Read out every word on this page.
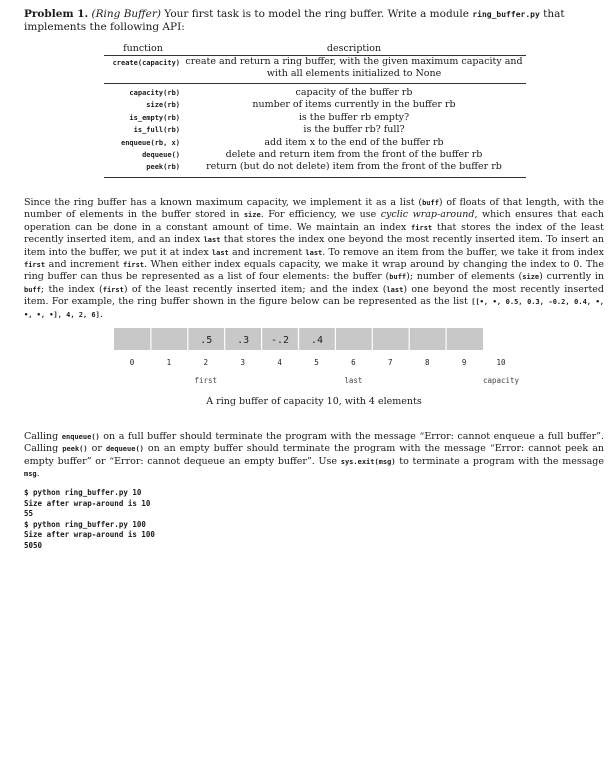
Problem 1. (Ring Buffer) Your first task is to model the ring buffer. Write a module ring_buffer.py that implements the following API:
function	description
create(capacity)	create and return a ring buffer, with the given maximum capacity and with all elements initialized to None
capacity(rb)	capacity of the buffer rb
size(rb)	number of items currently in the buffer rb
is_empty(rb)	is the buffer rb empty?
is_full(rb)	is the buffer rb? full?
enqueue(rb, x)	add item x to the end of the buffer rb
dequeue()	delete and return item from the front of the buffer rb
peek(rb)	return (but do not delete) item from the front of the buffer rb
Since the ring buffer has a known maximum capacity, we implement it as a list (buff) of floats of that length, with the number of elements in the buffer stored in size. For efficiency, we use cyclic wrap-around, which ensures that each operation can be done in a constant amount of time. We maintain an index first that stores the index of the least recently inserted item, and an index last that stores the index one beyond the most recently inserted item. To insert an item into the buffer, we put it at index last and increment last. To remove an item from the buffer, we take it from index first and increment first. When either index equals capacity, we make it wrap around by changing the index to 0. The ring buffer can thus be represented as a list of four elements: the buffer (buff); number of elements (size) currently in buff; the index (first) of the least recently inserted item; and the index (last) one beyond the most recently inserted item. For example, the ring buffer shown in the figure below can be represented as the list [[•, •, 0.5, 0.3, -0.2, 0.4, •, •, •, •], 4, 2, 6].
.5 .3 -.2 .4
0	1	2	3	4	5	6	7	8	9	10
first	last	capacity
A ring buffer of capacity 10, with 4 elements
Calling enqueue() on a full buffer should terminate the program with the message “Error: cannot enqueue a full buffer”. Calling peek() or dequeue() on an empty buffer should terminate the program with the message “Error: cannot peek an empty buffer” or “Error: cannot dequeue an empty buffer”. Use sys.exit(msg) to terminate a program with the message msg.
$ python ring_buffer.py 10
Size after wrap-around is 10
55
$ python ring_buffer.py 100
Size after wrap-around is 100
5050
